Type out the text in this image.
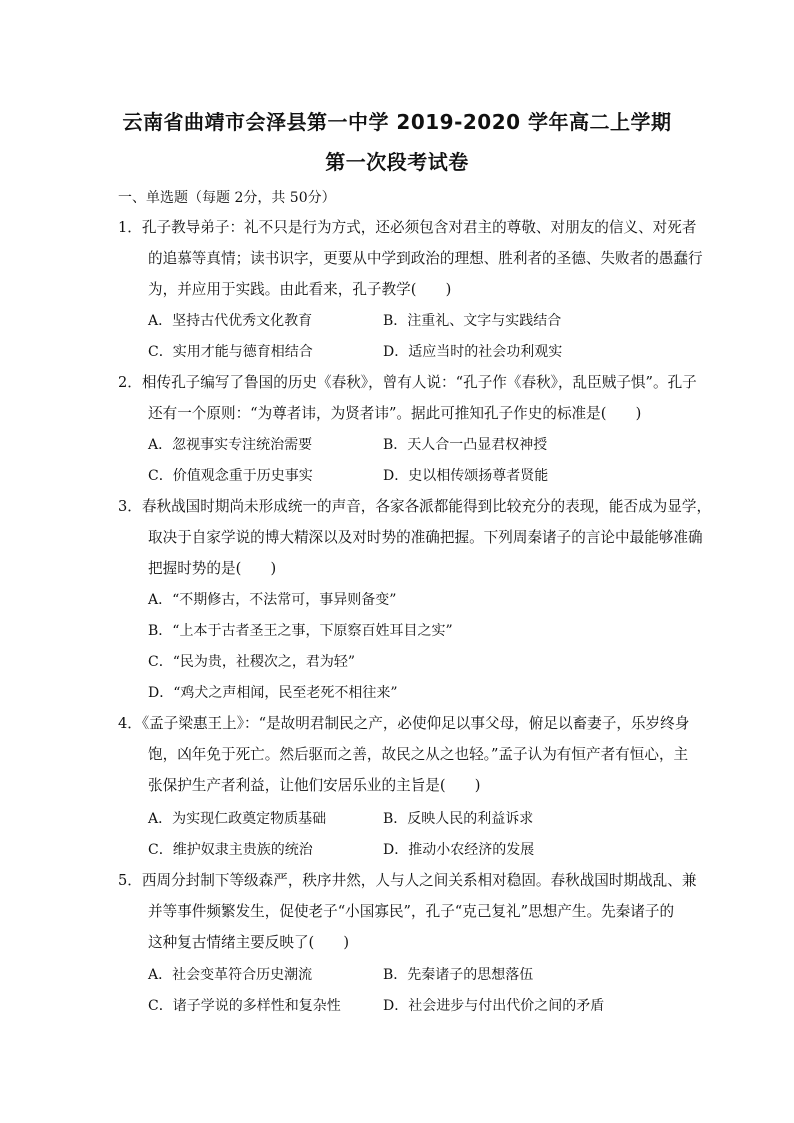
云南省曲靖市会泽县第一中学 2019-2020 学年高二上学期
第一次段考试卷
一、单选题（每题 2分，共 50分）
1．孔子教导弟子：礼不只是行为方式，还必须包含对君主的尊敬、对朋友的信义、对死者
的追慕等真情；读书识字，更要从中学到政治的理想、胜利者的圣德、失败者的愚蠢行
为，并应用于实践。由此看来，孔子教学(　　)
A．坚持古代优秀文化教育	B．注重礼、文字与实践结合
C．实用才能与德育相结合	D．适应当时的社会功利观实
2．相传孔子编写了鲁国的历史《春秋》，曾有人说：“孔子作《春秋》，乱臣贼子惧”。孔子
还有一个原则：“为尊者讳，为贤者讳”。据此可推知孔子作史的标准是(　　)
A．忽视事实专注统治需要	B．天人合一凸显君权神授
C．价值观念重于历史事实	D．史以相传颂扬尊者贤能
3．春秋战国时期尚未形成统一的声音，各家各派都能得到比较充分的表现，能否成为显学，
取决于自家学说的博大精深以及对时势的准确把握。下列周秦诸子的言论中最能够准确
把握时势的是(　　)
A．“不期修古，不法常可，事异则备变”
B．“上本于古者圣王之事，下原察百姓耳目之实”
C．“民为贵，社稷次之，君为轻”
D．“鸡犬之声相闻，民至老死不相往来”
4．《孟子梁惠王上》：“是故明君制民之产，必使仰足以事父母，俯足以畜妻子，乐岁终身
饱，凶年免于死亡。然后驱而之善，故民之从之也轻。”孟子认为有恒产者有恒心，主
张保护生产者利益，让他们安居乐业的主旨是(　　)
A．为实现仁政奠定物质基础	B．反映人民的利益诉求
C．维护奴隶主贵族的统治	D．推动小农经济的发展
5．西周分封制下等级森严，秩序井然，人与人之间关系相对稳固。春秋战国时期战乱、兼
并等事件频繁发生，促使老子“小国寡民”，孔子“克己复礼”思想产生。先秦诸子的
这种复古情绪主要反映了(　　)
A．社会变革符合历史潮流	B．先秦诸子的思想落伍
C．诸子学说的多样性和复杂性	D．社会进步与付出代价之间的矛盾
